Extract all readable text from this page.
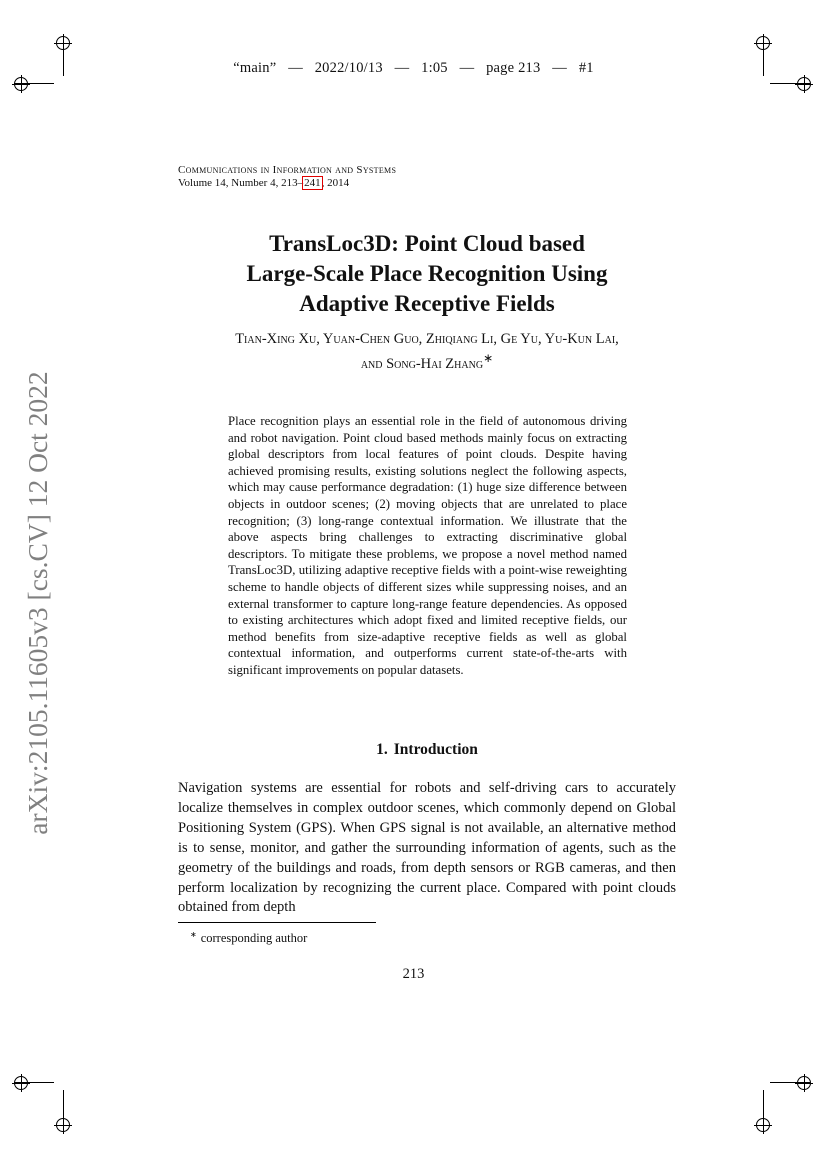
“main” — 2022/10/13 — 1:05 — page 213 — #1
Communications in Information and Systems
Volume 14, Number 4, 213–241, 2014
TransLoc3D: Point Cloud based
Large-Scale Place Recognition Using
Adaptive Receptive Fields
Tian-Xing Xu, Yuan-Chen Guo, Zhiqiang Li, Ge Yu, Yu-Kun Lai,
and Song-Hai Zhang∗
arXiv:2105.11605v3 [cs.CV] 12 Oct 2022	Place recognition plays an essential role in the field of autonomous driving and robot navigation. Point cloud based methods mainly focus on extracting global descriptors from local features of point clouds. Despite having achieved promising results, existing solutions neglect the following aspects, which may cause performance degradation: (1) huge size difference between objects in outdoor scenes; (2) moving objects that are unrelated to place recognition; (3) long-range contextual information. We illustrate that the above aspects bring challenges to extracting discriminative global descriptors. To mitigate these problems, we propose a novel method named TransLoc3D, utilizing adaptive receptive fields with a point-wise reweighting scheme to handle objects of different sizes while suppressing noises, and an external transformer to capture long-range feature dependencies. As opposed to existing architectures which adopt fixed and limited receptive fields, our method benefits from size-adaptive receptive fields as well as global contextual information, and outperforms current state-of-the-arts with significant improvements on popular datasets.
1. Introduction
Navigation systems are essential for robots and self-driving cars to accurately localize themselves in complex outdoor scenes, which commonly depend on Global Positioning System (GPS). When GPS signal is not available, an alternative method is to sense, monitor, and gather the surrounding information of agents, such as the geometry of the buildings and roads, from depth sensors or RGB cameras, and then perform localization by recognizing the current place. Compared with point clouds obtained from depth
∗ corresponding author
213
